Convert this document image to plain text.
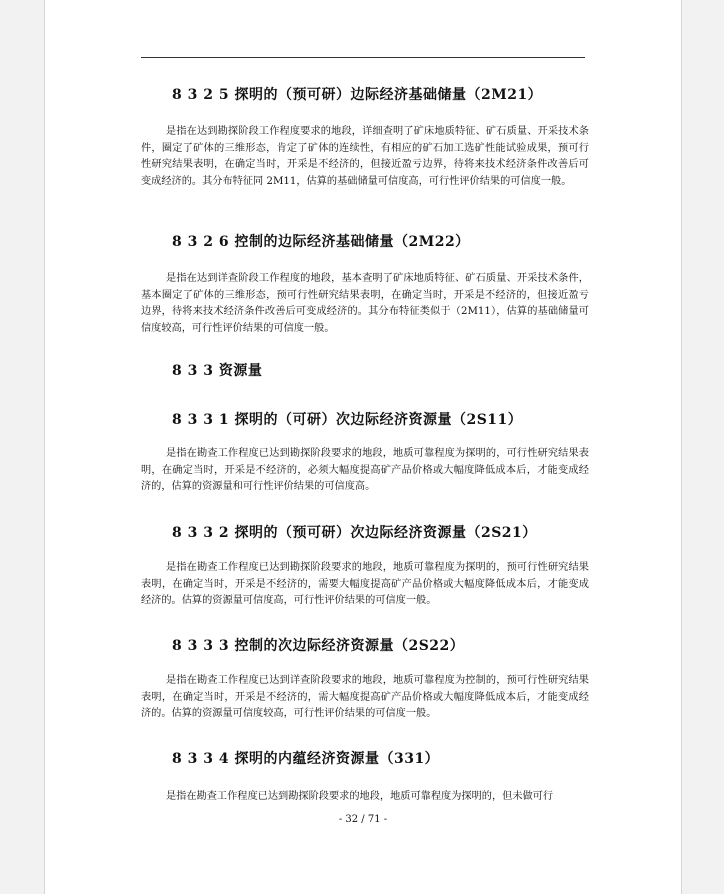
8 3 2 5 探明的（预可研）边际经济基础储量（2M21）
是指在达到勘探阶段工作程度要求的地段，详细查明了矿床地质特征、矿石质量、开采技术条件，圈定了矿体的三维形态，肯定了矿体的连续性，有相应的矿石加工选矿性能试验成果，预可行性研究结果表明，在确定当时，开采是不经济的，但接近盈亏边界，待将来技术经济条件改善后可变成经济的。其分布特征同 2M11，估算的基础储量可信度高，可行性评价结果的可信度一般。
8 3 2 6 控制的边际经济基础储量（2M22）
是指在达到详查阶段工作程度的地段，基本查明了矿床地质特征、矿石质量、开采技术条件，基本圈定了矿体的三维形态，预可行性研究结果表明，在确定当时，开采是不经济的，但接近盈亏边界，待将来技术经济条件改善后可变成经济的。其分布特征类似于（2M11），估算的基础储量可信度较高，可行性评价结果的可信度一般。
8 3 3 资源量
8 3 3 1 探明的（可研）次边际经济资源量（2S11）
是指在勘查工作程度已达到勘探阶段要求的地段，地质可靠程度为探明的，可行性研究结果表明，在确定当时，开采是不经济的，必须大幅度提高矿产品价格或大幅度降低成本后，才能变成经济的，估算的资源量和可行性评价结果的可信度高。
8 3 3 2 探明的（预可研）次边际经济资源量（2S21）
是指在勘查工作程度已达到勘探阶段要求的地段，地质可靠程度为探明的，预可行性研究结果表明，在确定当时，开采是不经济的，需要大幅度提高矿产品价格或大幅度降低成本后，才能变成经济的。估算的资源量可信度高，可行性评价结果的可信度一般。
8 3 3 3 控制的次边际经济资源量（2S22）
是指在勘查工作程度已达到详查阶段要求的地段，地质可靠程度为控制的，预可行性研究结果表明，在确定当时，开采是不经济的，需大幅度提高矿产品价格或大幅度降低成本后，才能变成经济的。估算的资源量可信度较高，可行性评价结果的可信度一般。
8 3 3 4 探明的内蕴经济资源量（331）
是指在勘查工作程度已达到勘探阶段要求的地段，地质可靠程度为探明的，但未做可行
- 32 / 71 -
